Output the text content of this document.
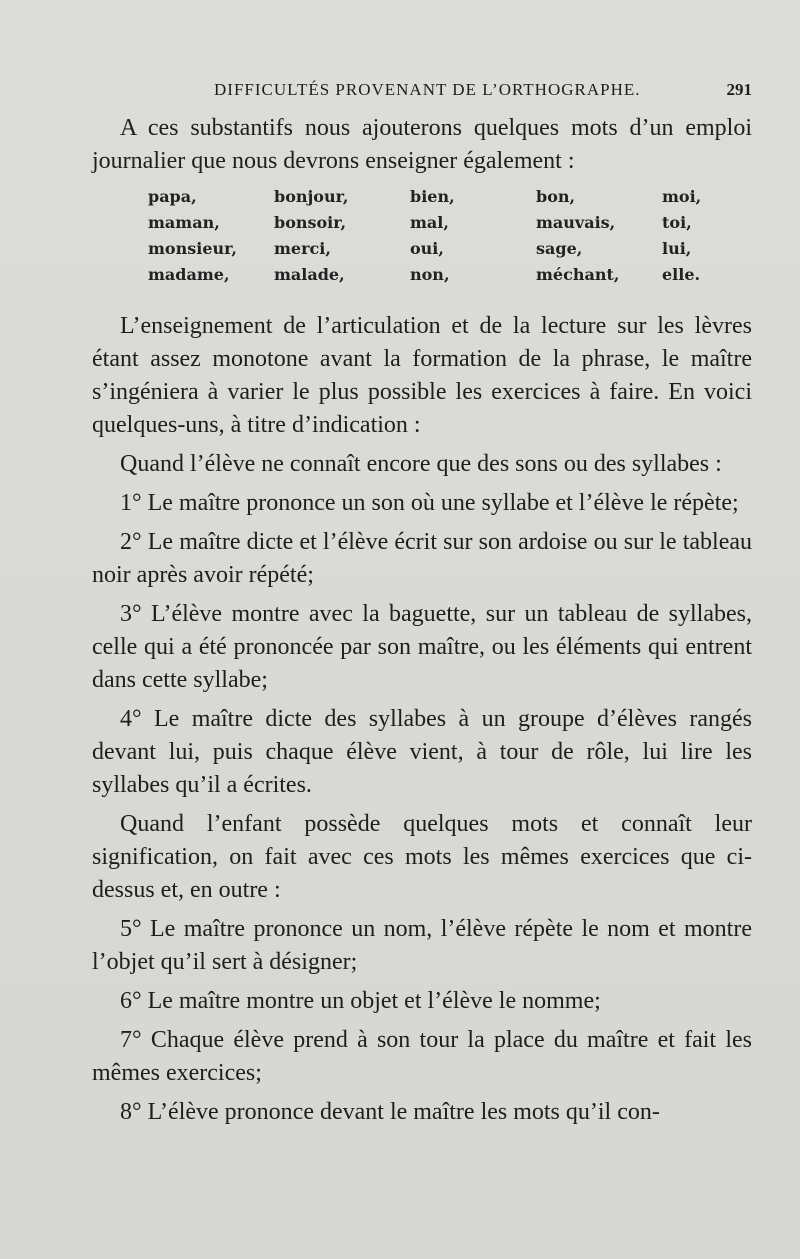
DIFFICULTÉS PROVENANT DE L’ORTHOGRAPHE.	291

A ces substantifs nous ajouterons quelques mots d’un emploi journalier que nous devrons enseigner également :

papa,
maman,
monsieur,
madame,
bonjour,
bonsoir,
merci,
malade,
bien,
mal,
oui,
non,
bon,
mauvais,
sage,
méchant,
moi,
toi,
lui,
elle.

L’enseignement de l’articulation et de la lecture sur les lèvres étant assez monotone avant la formation de la phrase, le maître s’ingéniera à varier le plus possible les exercices à faire. En voici quelques-uns, à titre d’indication :

Quand l’élève ne connaît encore que des sons ou des syllabes :

1° Le maître prononce un son où une syllabe et l’élève le répète;

2° Le maître dicte et l’élève écrit sur son ardoise ou sur le tableau noir après avoir répété;

3° L’élève montre avec la baguette, sur un tableau de syllabes, celle qui a été prononcée par son maître, ou les éléments qui entrent dans cette syllabe;

4° Le maître dicte des syllabes à un groupe d’élèves rangés devant lui, puis chaque élève vient, à tour de rôle, lui lire les syllabes qu’il a écrites.

Quand l’enfant possède quelques mots et connaît leur signification, on fait avec ces mots les mêmes exercices que ci-dessus et, en outre :

5° Le maître prononce un nom, l’élève répète le nom et montre l’objet qu’il sert à désigner;

6° Le maître montre un objet et l’élève le nomme;

7° Chaque élève prend à son tour la place du maître et fait les mêmes exercices;

8° L’élève prononce devant le maître les mots qu’il con-
